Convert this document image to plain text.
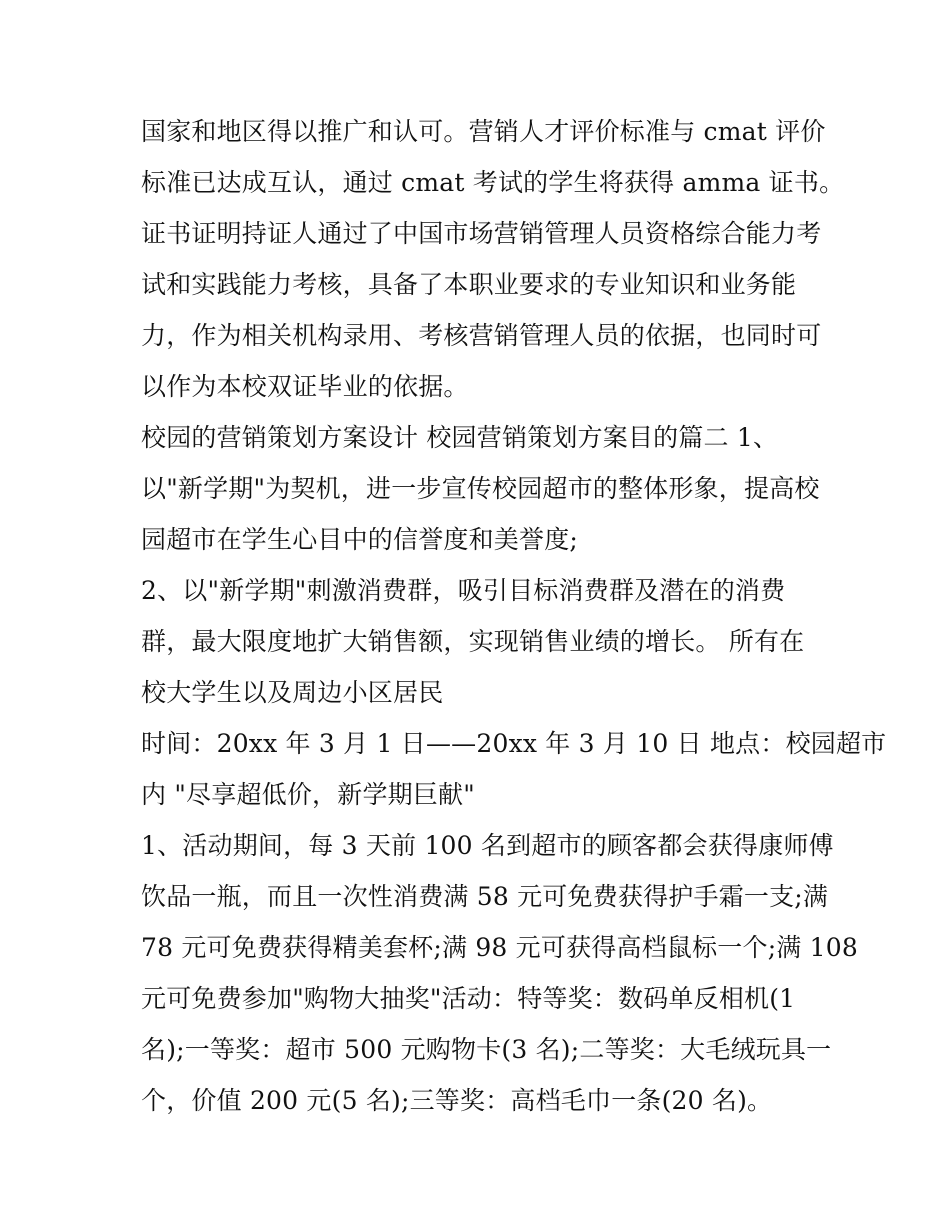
国家和地区得以推广和认可。营销人才评价标准与 cmat 评价
标准已达成互认，通过 cmat 考试的学生将获得 amma 证书。
证书证明持证人通过了中国市场营销管理人员资格综合能力考
试和实践能力考核，具备了本职业要求的专业知识和业务能
力，作为相关机构录用、考核营销管理人员的依据，也同时可
以作为本校双证毕业的依据。
校园的营销策划方案设计 校园营销策划方案目的篇二 1、
以"新学期"为契机，进一步宣传校园超市的整体形象，提高校
园超市在学生心目中的信誉度和美誉度;
2、以"新学期"刺激消费群，吸引目标消费群及潜在的消费
群，最大限度地扩大销售额，实现销售业绩的增长。 所有在
校大学生以及周边小区居民
时间：20xx 年 3 月 1 日——20xx 年 3 月 10 日 地点：校园超市
内 "尽享超低价，新学期巨献"
1、活动期间，每 3 天前 100 名到超市的顾客都会获得康师傅
饮品一瓶，而且一次性消费满 58 元可免费获得护手霜一支;满
78 元可免费获得精美套杯;满 98 元可获得高档鼠标一个;满 108
元可免费参加"购物大抽奖"活动：特等奖：数码单反相机(1
名);一等奖：超市 500 元购物卡(3 名);二等奖：大毛绒玩具一
个，价值 200 元(5 名);三等奖：高档毛巾一条(20 名)。
